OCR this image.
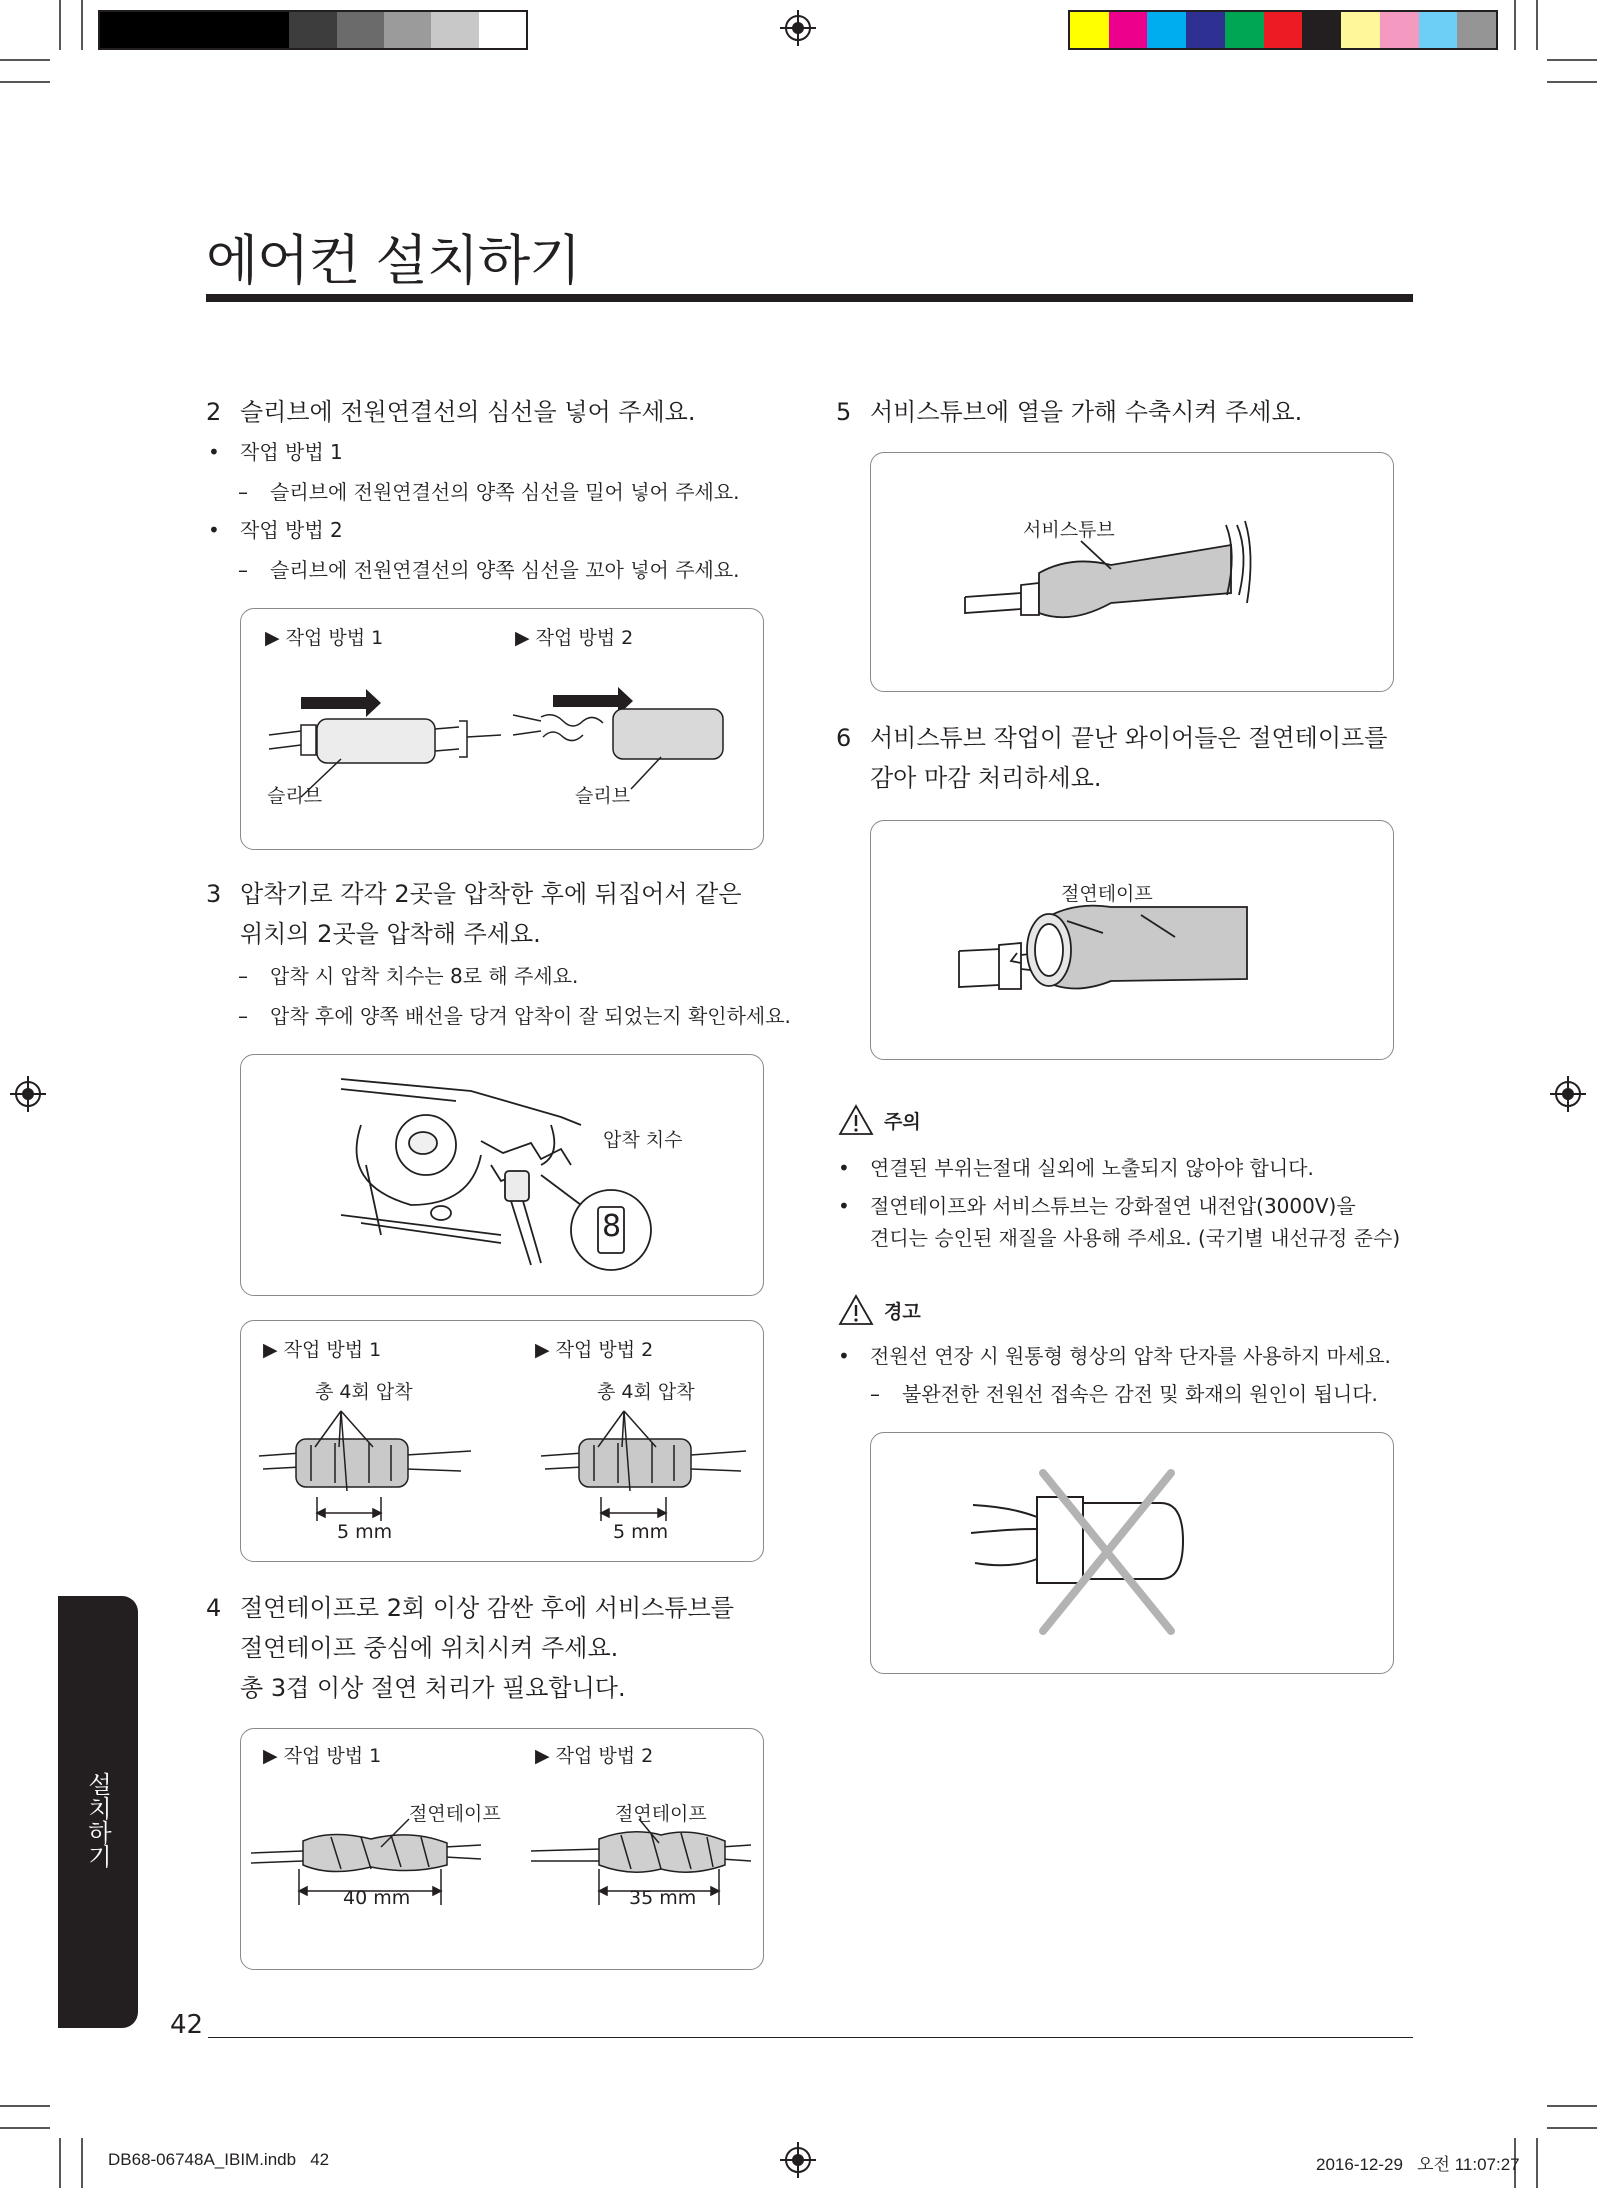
에어컨 설치하기
2 슬리브에 전원연결선의 심선을 넣어 주세요.
• 작업 방법 1
– 슬리브에 전원연결선의 양쪽 심선을 밀어 넣어 주세요.
• 작업 방법 2
– 슬리브에 전원연결선의 양쪽 심선을 꼬아 넣어 주세요.
▶ 작업 방법 1	▶ 작업 방법 2
슬리브	슬리브
3 압착기로 각각 2곳을 압착한 후에 뒤집어서 같은
위치의 2곳을 압착해 주세요.
– 압착 시 압착 치수는 8로 해 주세요.
– 압착 후에 양쪽 배선을 당겨 압착이 잘 되었는지 확인하세요.
압착 치수
8
▶ 작업 방법 1	▶ 작업 방법 2
총 4회 압착	총 4회 압착
5 mm	5 mm
4 절연테이프로 2회 이상 감싼 후에 서비스튜브를
절연테이프 중심에 위치시켜 주세요.
총 3겹 이상 절연 처리가 필요합니다.
▶ 작업 방법 1	▶ 작업 방법 2
절연테이프	절연테이프
40 mm	35 mm
5 서비스튜브에 열을 가해 수축시켜 주세요.
서비스튜브
6 서비스튜브 작업이 끝난 와이어들은 절연테이프를
감아 마감 처리하세요.
절연테이프
주의
• 연결된 부위는절대 실외에 노출되지 않아야 합니다.
• 절연테이프와 서비스튜브는 강화절연 내전압(3000V)을
견디는 승인된 재질을 사용해 주세요. (국기별 내선규정 준수)
경고
• 전원선 연장 시 원통형 형상의 압착 단자를 사용하지 마세요.
– 불완전한 전원선 접속은 감전 및 화재의 원인이 됩니다.
설치하기
42
DB68-06748A_IBIM.indb   42	2016-12-29   오전 11:07:27
